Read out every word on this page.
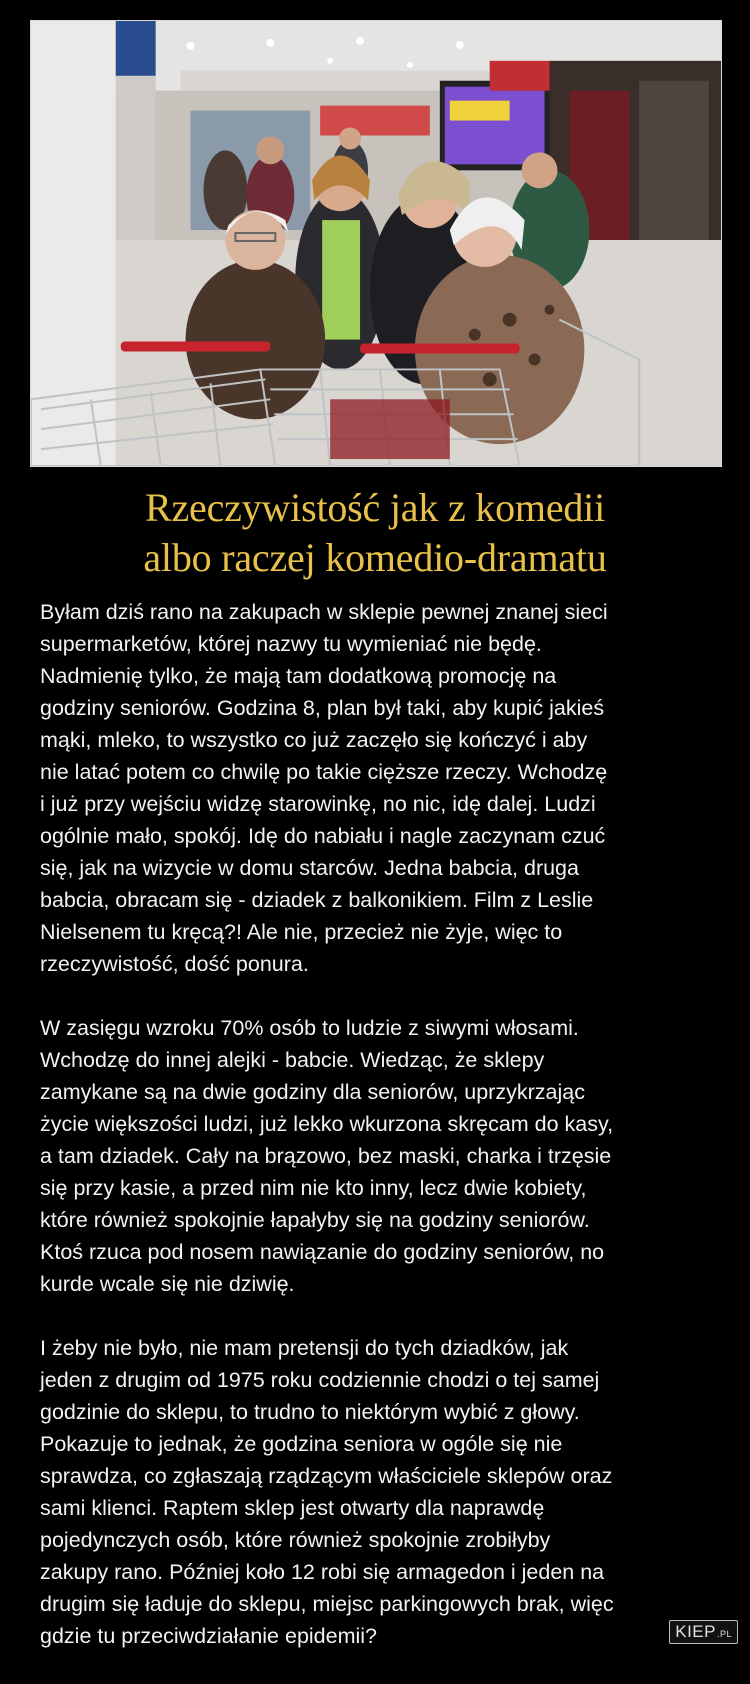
Rzeczywistość jak z komedii
albo raczej komedio-dramatu

Byłam dziś rano na zakupach w sklepie pewnej znanej sieci
supermarketów, której nazwy tu wymieniać nie będę.
Nadmienię tylko, że mają tam dodatkową promocję na
godziny seniorów. Godzina 8, plan był taki, aby kupić jakieś
mąki, mleko, to wszystko co już zaczęło się kończyć i aby
nie latać potem co chwilę po takie cięższe rzeczy. Wchodzę
i już przy wejściu widzę starowinkę, no nic, idę dalej. Ludzi
ogólnie mało, spokój. Idę do nabiału i nagle zaczynam czuć
się, jak na wizycie w domu starców. Jedna babcia, druga
babcia, obracam się - dziadek z balkonikiem. Film z Leslie
Nielsenem tu kręcą?! Ale nie, przecież nie żyje, więc to
rzeczywistość, dość ponura.

W zasięgu wzroku 70% osób to ludzie z siwymi włosami.
Wchodzę do innej alejki - babcie. Wiedząc, że sklepy
zamykane są na dwie godziny dla seniorów, uprzykrzając
życie większości ludzi, już lekko wkurzona skręcam do kasy,
a tam dziadek. Cały na brązowo, bez maski, charka i trzęsie
się przy kasie, a przed nim nie kto inny, lecz dwie kobiety,
które również spokojnie łapałyby się na godziny seniorów.
Ktoś rzuca pod nosem nawiązanie do godziny seniorów, no
kurde wcale się nie dziwię.

I żeby nie było, nie mam pretensji do tych dziadków, jak
jeden z drugim od 1975 roku codziennie chodzi o tej samej
godzinie do sklepu, to trudno to niektórym wybić z głowy.
Pokazuje to jednak, że godzina seniora w ogóle się nie
sprawdza, co zgłaszają rządzącym właściciele sklepów oraz
sami klienci. Raptem sklep jest otwarty dla naprawdę
pojedynczych osób, które również spokojnie zrobiłyby
zakupy rano. Później koło 12 robi się armagedon i jeden na
drugim się ładuje do sklepu, miejsc parkingowych brak, więc
gdzie tu przeciwdziałanie epidemii?	KIEP.PL
